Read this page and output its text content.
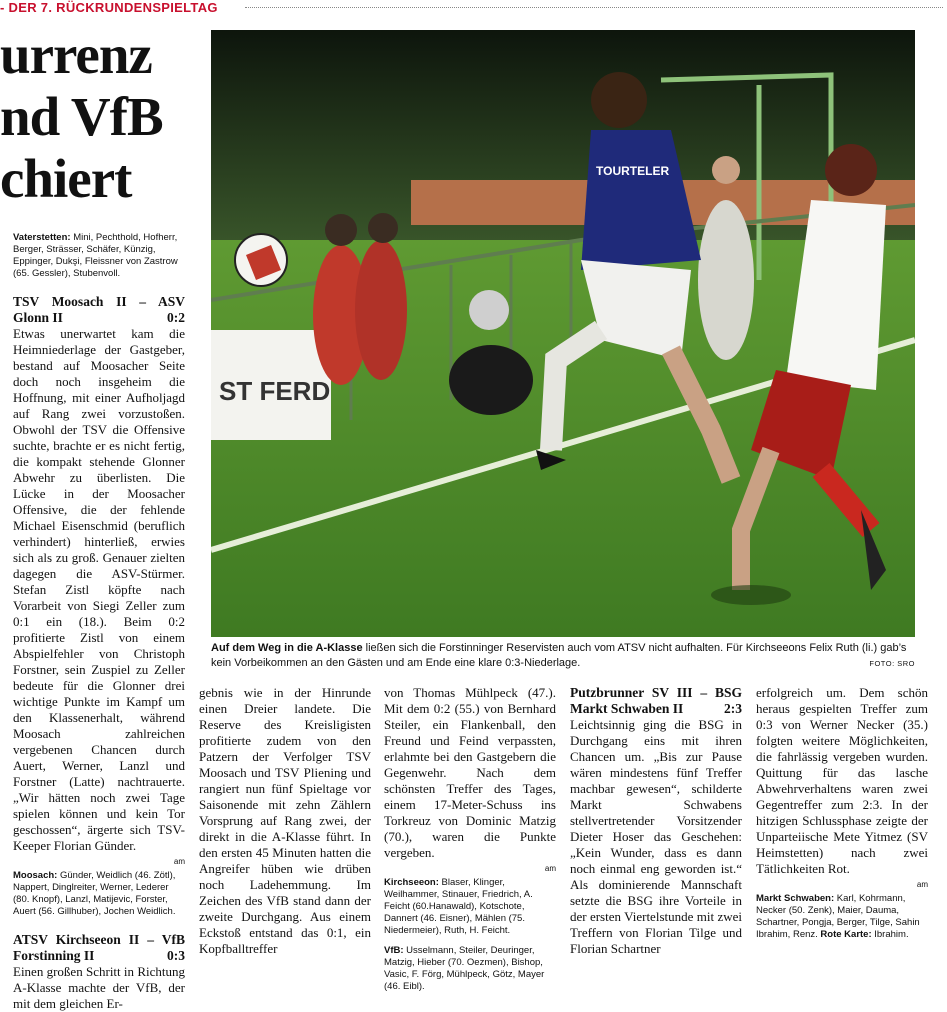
- DER 7. RÜCKRUNDENSPIELTAG
urrenz
nd VfB
chiert

Vaterstetten: Mini, Pechthold, Hofherr, Berger, Strässer, Schäfer, Künzig, Eppinger, Dukşi, Fleissner von Zastrow (65. Gessler), Stubenvoll.

TSV Moosach II – ASV Glonn II	0:2

Etwas unerwartet kam die Heimniederlage der Gastgeber, bestand auf Moosacher Seite doch noch insgeheim die Hoffnung, mit einer Aufholjagd auf Rang zwei vorzustoßen. Obwohl der TSV die Offensive suchte, brachte er es nicht fertig, die kompakt stehende Glonner Abwehr zu überlisten. Die Lücke in der Moosacher Offensive, die der fehlende Michael Eisenschmid (beruflich verhindert) hinterließ, erwies sich als zu groß. Genauer zielten dagegen die ASV-Stürmer. Stefan Zistl köpfte nach Vorarbeit von Siegi Zeller zum 0:1 ein (18.). Beim 0:2 profitierte Zistl von einem Abspielfehler von Christoph Forstner, sein Zuspiel zu Zeller bedeute für die Glonner drei wichtige Punkte im Kampf um den Klassenerhalt, während Moosach zahlreichen vergebenen Chancen durch Auert, Werner, Lanzl und Forstner (Latte) nachtrauerte. „Wir hätten noch zwei Tage spielen können und kein Tor geschossen“, ärgerte sich TSV-Keeper Florian Günder.

am

Moosach: Günder, Weidlich (46. Zötl), Nappert, Dinglreiter, Werner, Lederer (80. Knopf), Lanzl, Matijevic, Forster, Auert (56. Gillhuber), Jochen Weidlich.

ATSV Kirchseeon II – VfB Forstinning II	0:3

Einen großen Schritt in Richtung A-Klasse machte der VfB, der mit dem gleichen Er-

ST FERD
TOURTELER
Auf dem Weg in die A-Klasse ließen sich die Forstinninger Reservisten auch vom ATSV nicht aufhalten. Für Kirchseeons Felix Ruth (li.) gab’s kein Vorbeikommen an den Gästen und am Ende eine klare 0:3-Niederlage.	FOTO: SRO

gebnis wie in der Hinrunde einen Dreier landete. Die Reserve des Kreisligisten profitierte zudem von den Patzern der Verfolger TSV Moosach und TSV Pliening und rangiert nun fünf Spieltage vor Saisonende mit zehn Zählern Vorsprung auf Rang zwei, der direkt in die A-Klasse führt. In den ersten 45 Minuten hatten die Angreifer hüben wie drüben noch Ladehemmung. Im Zeichen des VfB stand dann der zweite Durchgang. Aus einem Eckstoß entstand das 0:1, ein Kopfballtreffer

von Thomas Mühlpeck (47.). Mit dem 0:2 (55.) von Bernhard Steiler, ein Flankenball, den Freund und Feind verpassten, erlahmte bei den Gastgebern die Gegenwehr. Nach dem schönsten Treffer des Tages, einem 17-Meter-Schuss ins Torkreuz von Dominic Matzig (70.), waren die Punkte vergeben.

am

Kirchseeon: Blaser, Klinger, Weilhammer, Stinauer, Friedrich, A. Feicht (60.Hanawald), Kotschote, Dannert (46. Eisner), Mählen (75. Niedermeier), Ruth, H. Feicht.

VfB: Usselmann, Steiler, Deuringer, Matzig, Hieber (70. Oezmen), Bishop, Vasic, F. Förg, Mühlpeck, Götz, Mayer (46. Eibl).

Putzbrunner SV III – BSG Markt Schwaben II	2:3

Leichtsinnig ging die BSG in Durchgang eins mit ihren Chancen um. „Bis zur Pause wären mindestens fünf Treffer machbar gewesen“, schilderte Markt Schwabens stellvertretender Vorsitzender Dieter Hoser das Geschehen: „Kein Wunder, dass es dann noch einmal eng geworden ist.“ Als dominierende Mannschaft setzte die BSG ihre Vorteile in der ersten Viertelstunde mit zwei Treffern von Florian Tilge und Florian Schartner

erfolgreich um. Dem schön heraus gespielten Treffer zum 0:3 von Werner Necker (35.) folgten weitere Möglichkeiten, die fahrlässig vergeben wurden. Quittung für das lasche Abwehrverhaltens waren zwei Gegentreffer zum 2:3. In der hitzigen Schlussphase zeigte der Unparteiische Mete Yitmez (SV Heimstetten) nach zwei Tätlichkeiten Rot.

am

Markt Schwaben: Karl, Kohrmann, Necker (50. Zenk), Maier, Dauma, Schartner, Pongja, Berger, Tilge, Sahin Ibrahim, Renz. Rote Karte: Ibrahim.
